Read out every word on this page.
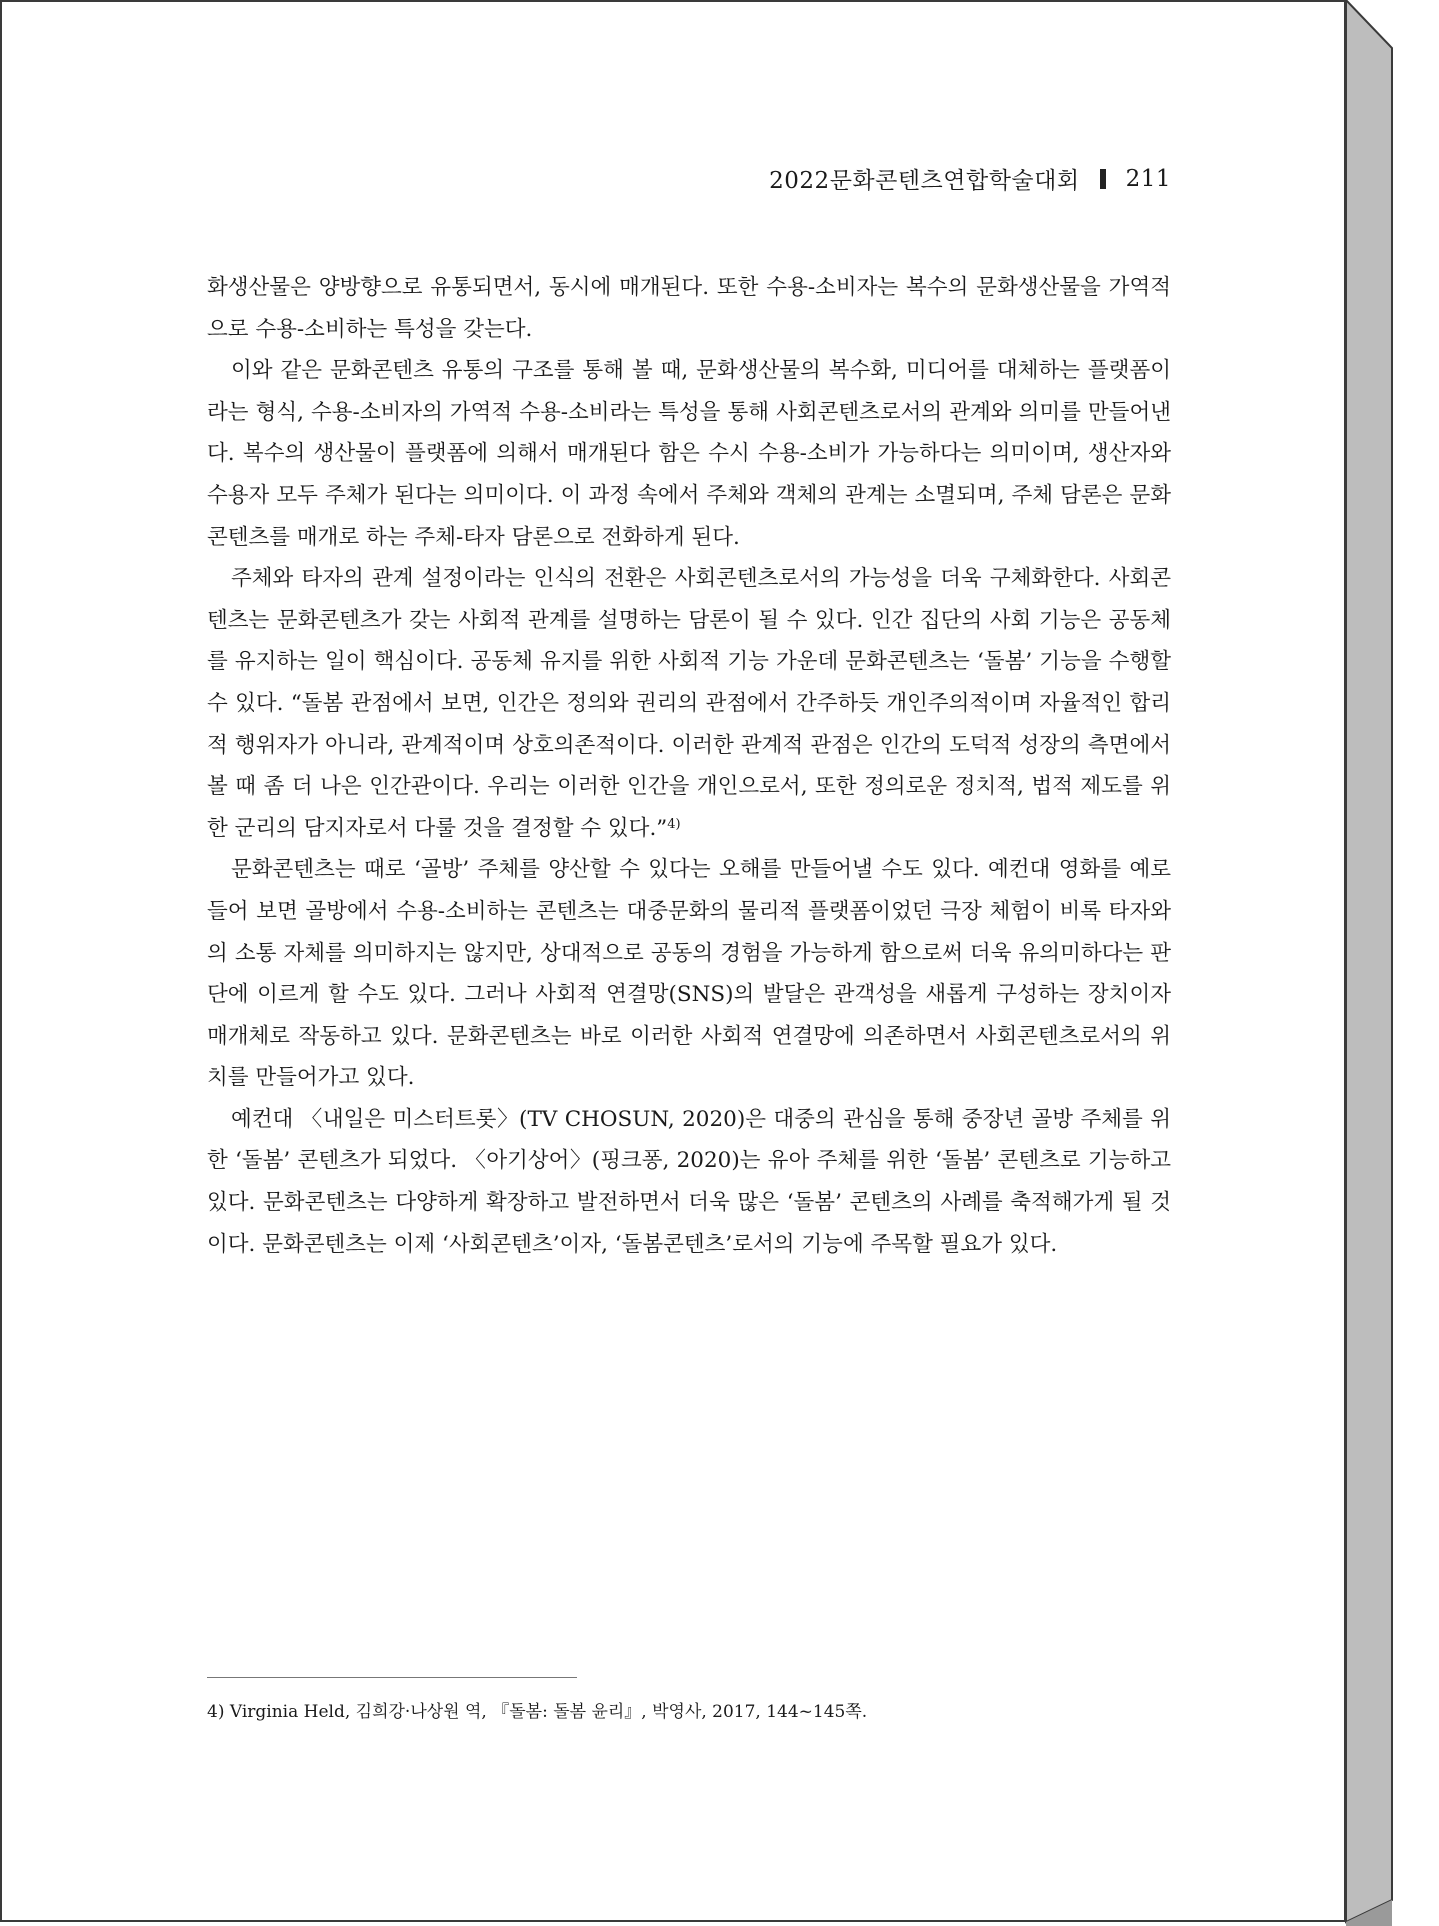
2022문화콘텐츠연합학술대회 211

화생산물은 양방향으로 유통되면서, 동시에 매개된다. 또한 수용-소비자는 복수의 문화생산물을 가역적으로 수용-소비하는 특성을 갖는다.

이와 같은 문화콘텐츠 유통의 구조를 통해 볼 때, 문화생산물의 복수화, 미디어를 대체하는 플랫폼이라는 형식, 수용-소비자의 가역적 수용-소비라는 특성을 통해 사회콘텐츠로서의 관계와 의미를 만들어낸다. 복수의 생산물이 플랫폼에 의해서 매개된다 함은 수시 수용-소비가 가능하다는 의미이며, 생산자와 수용자 모두 주체가 된다는 의미이다. 이 과정 속에서 주체와 객체의 관계는 소멸되며, 주체 담론은 문화콘텐츠를 매개로 하는 주체-타자 담론으로 전화하게 된다.

주체와 타자의 관계 설정이라는 인식의 전환은 사회콘텐츠로서의 가능성을 더욱 구체화한다. 사회콘텐츠는 문화콘텐츠가 갖는 사회적 관계를 설명하는 담론이 될 수 있다. 인간 집단의 사회 기능은 공동체를 유지하는 일이 핵심이다. 공동체 유지를 위한 사회적 기능 가운데 문화콘텐츠는 ‘돌봄’ 기능을 수행할 수 있다. “돌봄 관점에서 보면, 인간은 정의와 권리의 관점에서 간주하듯 개인주의적이며 자율적인 합리적 행위자가 아니라, 관계적이며 상호의존적이다. 이러한 관계적 관점은 인간의 도덕적 성장의 측면에서 볼 때 좀 더 나은 인간관이다. 우리는 이러한 인간을 개인으로서, 또한 정의로운 정치적, 법적 제도를 위한 군리의 담지자로서 다룰 것을 결정할 수 있다.”$^{4)}$

문화콘텐츠는 때로 ‘골방’ 주체를 양산할 수 있다는 오해를 만들어낼 수도 있다. 예컨대 영화를 예로 들어 보면 골방에서 수용-소비하는 콘텐츠는 대중문화의 물리적 플랫폼이었던 극장 체험이 비록 타자와의 소통 자체를 의미하지는 않지만, 상대적으로 공동의 경험을 가능하게 함으로써 더욱 유의미하다는 판단에 이르게 할 수도 있다. 그러나 사회적 연결망(SNS)의 발달은 관객성을 새롭게 구성하는 장치이자 매개체로 작동하고 있다. 문화콘텐츠는 바로 이러한 사회적 연결망에 의존하면서 사회콘텐츠로서의 위치를 만들어가고 있다.

예컨대 〈내일은 미스터트롯〉(TV CHOSUN, 2020)은 대중의 관심을 통해 중장년 골방 주체를 위한 ‘돌봄’ 콘텐츠가 되었다. 〈아기상어〉(핑크퐁, 2020)는 유아 주체를 위한 ‘돌봄’ 콘텐츠로 기능하고 있다. 문화콘텐츠는 다양하게 확장하고 발전하면서 더욱 많은 ‘돌봄’ 콘텐츠의 사례를 축적해가게 될 것이다. 문화콘텐츠는 이제 ‘사회콘텐츠’이자, ‘돌봄콘텐츠’로서의 기능에 주목할 필요가 있다.

4) Virginia Held, 김희강·나상원 역, 『돌봄: 돌봄 윤리』, 박영사, 2017, 144~145쪽.
